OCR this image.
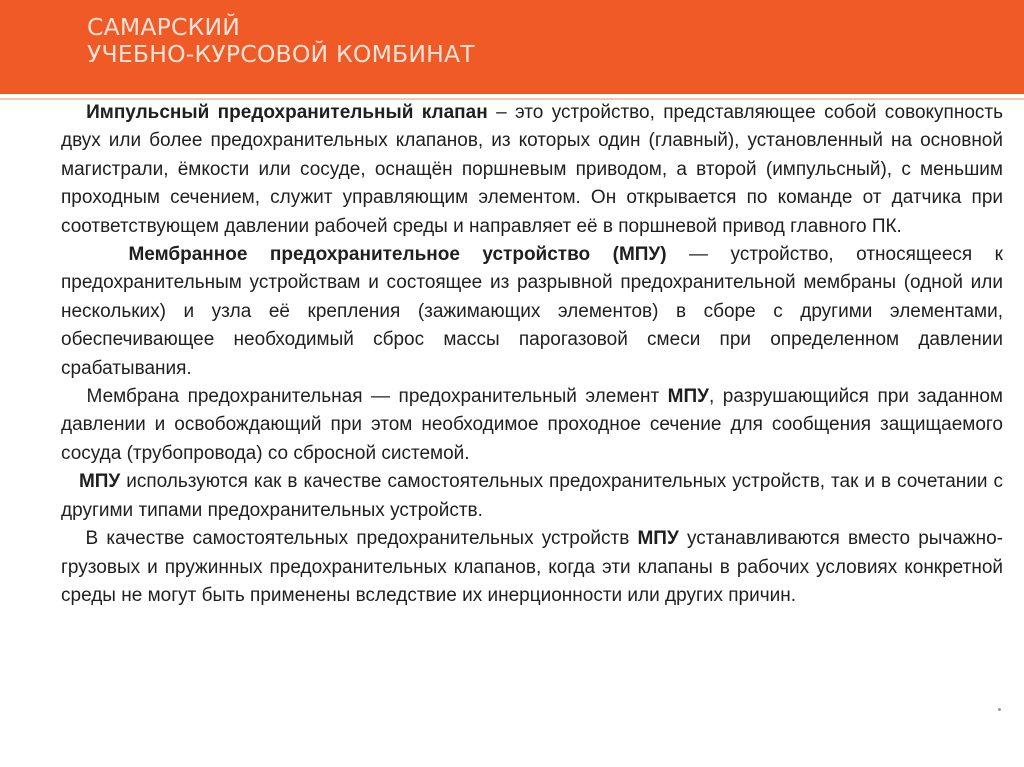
САМАРСКИЙ
УЧЕБНО-КУРСОВОЙ КОМБИНАТ

Импульсный предохранительный клапан – это устройство, представляющее собой совокупность двух или более предохранительных клапанов, из которых один (главный), установленный на основной магистрали, ёмкости или сосуде, оснащён поршневым приводом, а второй (импульсный), с меньшим проходным сечением, служит управляющим элементом. Он открывается по команде от датчика при соответствующем давлении рабочей среды и направляет её в поршневой привод главного ПК.

Мембранное предохранительное устройство (МПУ) — устройство, относящееся к предохранительным устройствам и состоящее из разрывной предохранительной мембраны (одной или нескольких) и узла её крепления (зажимающих элементов) в сборе с другими элементами, обеспечивающее необходимый сброс массы парогазовой смеси при определенном давлении срабатывания.

Мембрана предохранительная — предохранительный элемент МПУ, разрушающийся при заданном давлении и освобождающий при этом необходимое проходное сечение для сообщения защищаемого сосуда (трубопровода) со сбросной системой.

МПУ используются как в качестве самостоятельных предохранительных устройств, так и в сочетании с другими типами предохранительных устройств.

В качестве самостоятельных предохранительных устройств МПУ устанавливаются вместо рычажно-грузовых и пружинных предохранительных клапанов, когда эти клапаны в рабочих условиях конкретной среды не могут быть применены вследствие их инерционности или других причин.
